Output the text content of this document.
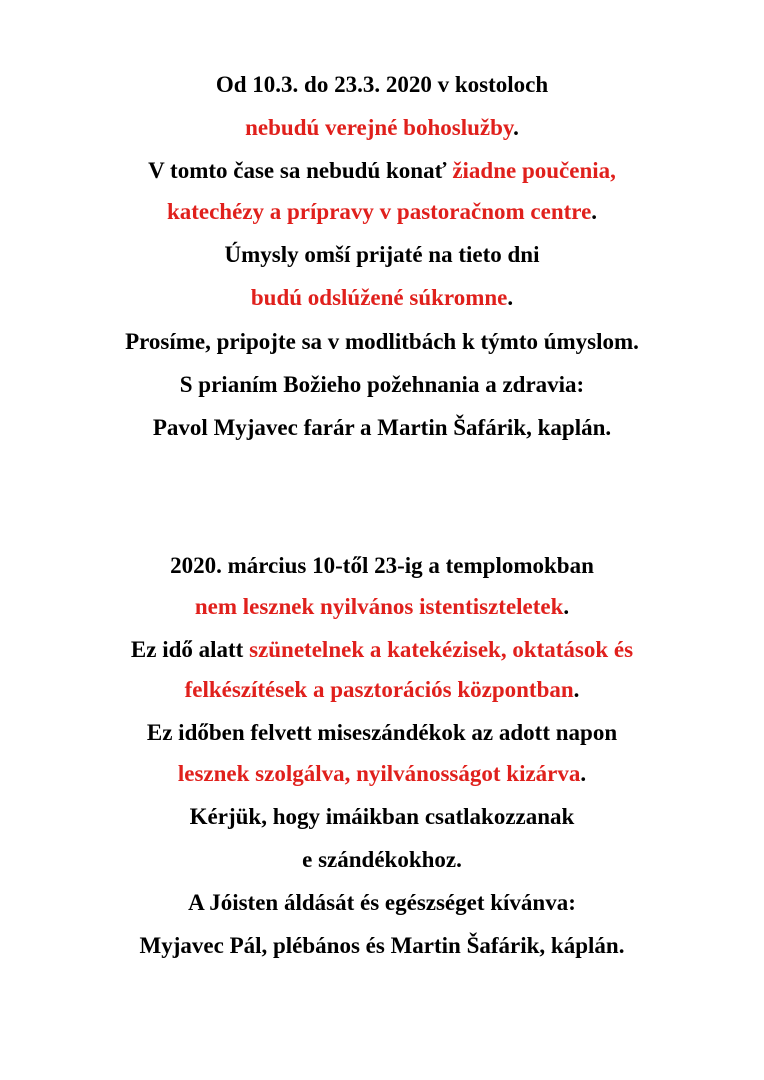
Od 10.3. do 23.3. 2020 v kostoloch
nebudú verejné bohoslužby.
V tomto čase sa nebudú konať žiadne poučenia,
katechézy a prípravy v pastoračnom centre.
Úmysly omší prijaté na tieto dni
budú odslúžené súkromne.
Prosíme, pripojte sa v modlitbách k týmto úmyslom.
S prianím Božieho požehnania a zdravia:
Pavol Myjavec farár a Martin Šafárik, kaplán.
2020. március 10-től 23-ig a templomokban
nem lesznek nyilvános istentiszteletek.
Ez idő alatt szünetelnek a katekézisek, oktatások és
felkészítések a pasztorációs központban.
Ez időben felvett miseszándékok az adott napon
lesznek szolgálva, nyilvánosságot kizárva.
Kérjük, hogy imáikban csatlakozzanak
e szándékokhoz.
A Jóisten áldását és egészséget kívánva:
Myjavec Pál, plébános és Martin Šafárik, káplán.
